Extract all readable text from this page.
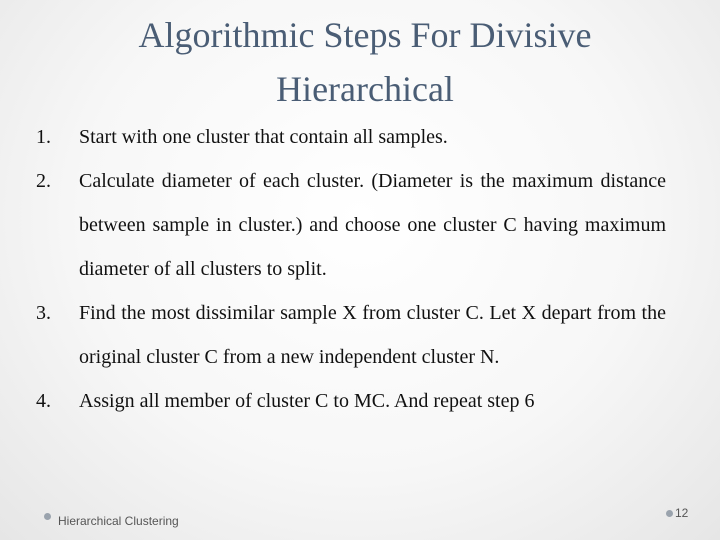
Algorithmic Steps For Divisive Hierarchical
1. Start with one cluster that contain all samples.
2. Calculate diameter of each cluster. (Diameter is the maximum distance between sample in cluster.) and choose one cluster C having maximum diameter of all clusters to split.
3. Find the most dissimilar sample X from cluster C. Let X depart from the original cluster C from a new independent cluster N.
4. Assign all member of cluster C to MC. And repeat step 6
Hierarchical Clustering
12
